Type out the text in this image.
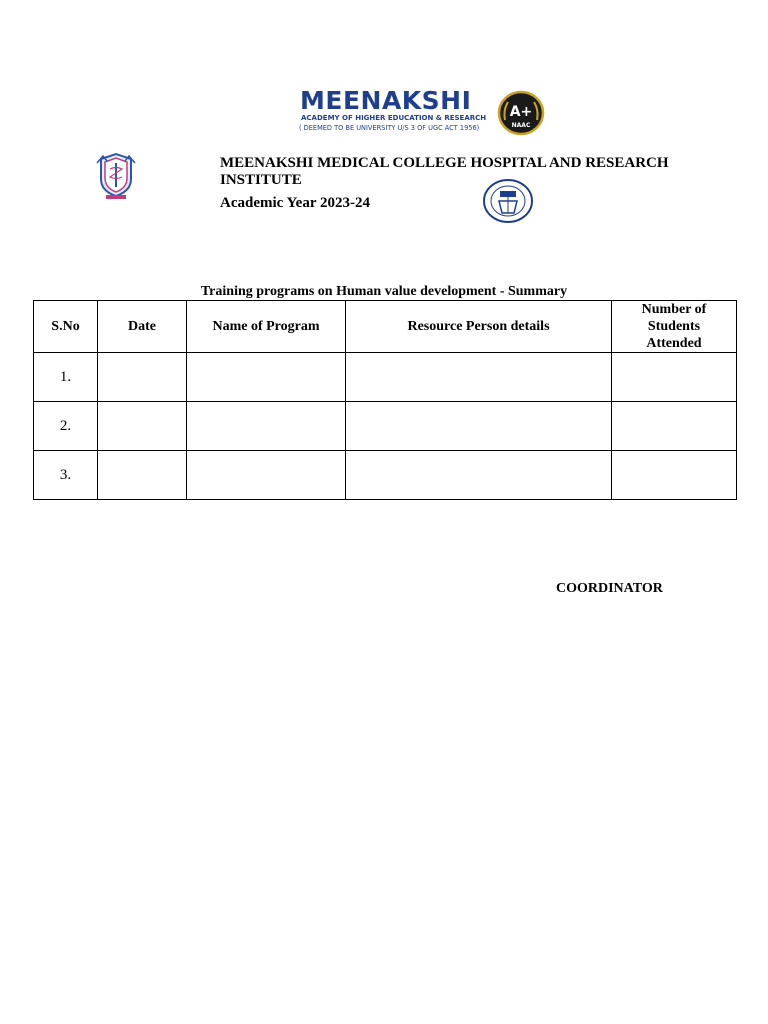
MEENAKSHI
ACADEMY OF HIGHER EDUCATION & RESEARCH
( DEEMED TO BE UNIVERSITY U/S 3 OF UGC ACT 1956)
A+
NAAC
MEENAKSHI MEDICAL COLLEGE HOSPITAL AND RESEARCH INSTITUTE
Academic Year 2023-24
Training programs on Human value development - Summary
S.No	Date	Name of Program	Resource Person details	Number of Students Attended
1.				
2.				
3.				
COORDINATOR
